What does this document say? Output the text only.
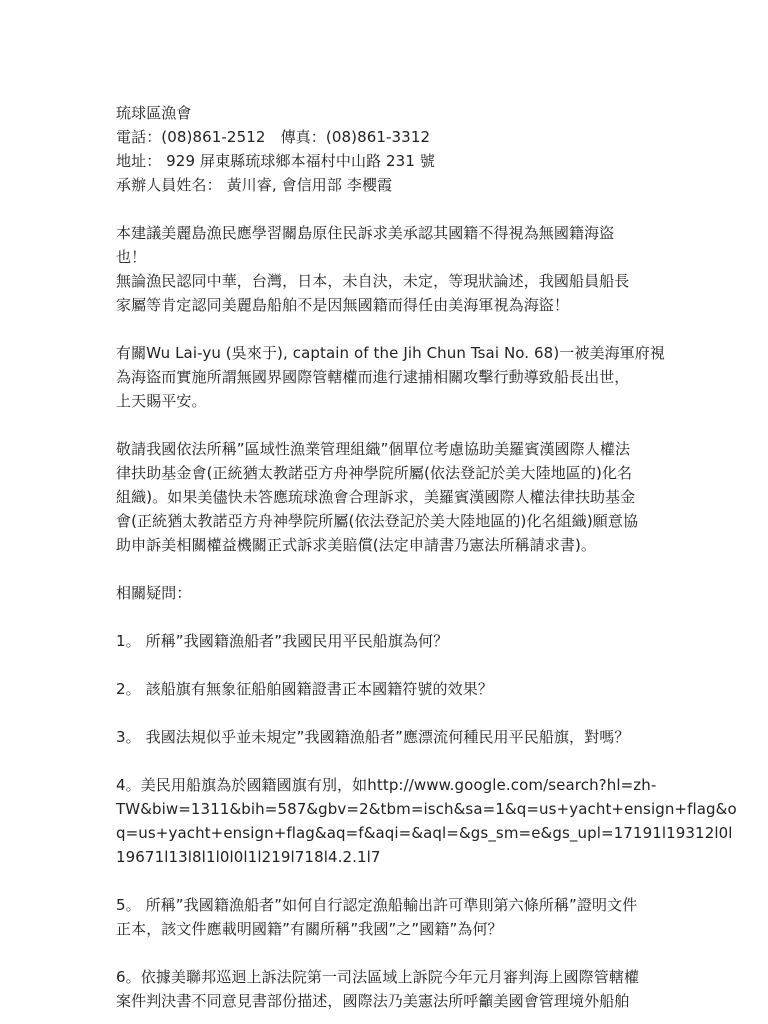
琉球區漁會
電話：(08)861-2512　傳真：(08)861-3312
地址： 929 屏東縣琉球鄉本福村中山路 231 號
承辦人員姓名： 黃川睿, 會信用部 李櫻霞
本建議美麗島漁民應學習關島原住民訴求美承認其國籍不得視為無國籍海盜
也！
無論漁民認同中華，台灣，日本，未自決，未定，等現狀論述，我國船員船長
家屬等肯定認同美麗島船舶不是因無國籍而得任由美海軍視為海盜！
有關Wu Lai-yu (吳來于), captain of the Jih Chun Tsai No. 68)一被美海軍府視
為海盜而實施所謂無國界國際管轄權而進行逮捕相關攻擊行動導致船長出世，
上天賜平安。
敬請我國依法所稱”區域性漁業管理組織”個單位考慮協助美羅賓漢國際人權法
律扶助基金會(正統猶太教諾亞方舟神學院所屬(依法登記於美大陸地區的)化名
組織)。如果美儘快未答應琉球漁會合理訴求，美羅賓漢國際人權法律扶助基金
會(正統猶太教諾亞方舟神學院所屬(依法登記於美大陸地區的)化名組織)願意協
助申訴美相關權益機關正式訴求美賠償(法定申請書乃憲法所稱請求書)。
相關疑問：
1。 所稱”我國籍漁船者”我國民用平民船旗為何？
2。 該船旗有無象征船舶國籍證書正本國籍符號的效果？
3。 我國法規似乎並未規定”我國籍漁船者”應漂流何種民用平民船旗，對嗎？
4。美民用船旗為於國籍國旗有別，如http://www.google.com/search?hl=zh-
TW&biw=1311&bih=587&gbv=2&tbm=isch&sa=1&q=us+yacht+ensign+flag&o
q=us+yacht+ensign+flag&aq=f&aqi=&aql=&gs_sm=e&gs_upl=17191l19312l0l
19671l13l8l1l0l0l1l219l718l4.2.1l7
5。 所稱”我國籍漁船者”如何自行認定漁船輸出許可準則第六條所稱”證明文件
正本，該文件應載明國籍”有關所稱”我國”之”國籍”為何？
6。依據美聯邦巡迴上訴法院第一司法區域上訴院今年元月審判海上國際管轄權
案件判決書不同意見書部份描述，國際法乃美憲法所呼籲美國會管理境外船舶
